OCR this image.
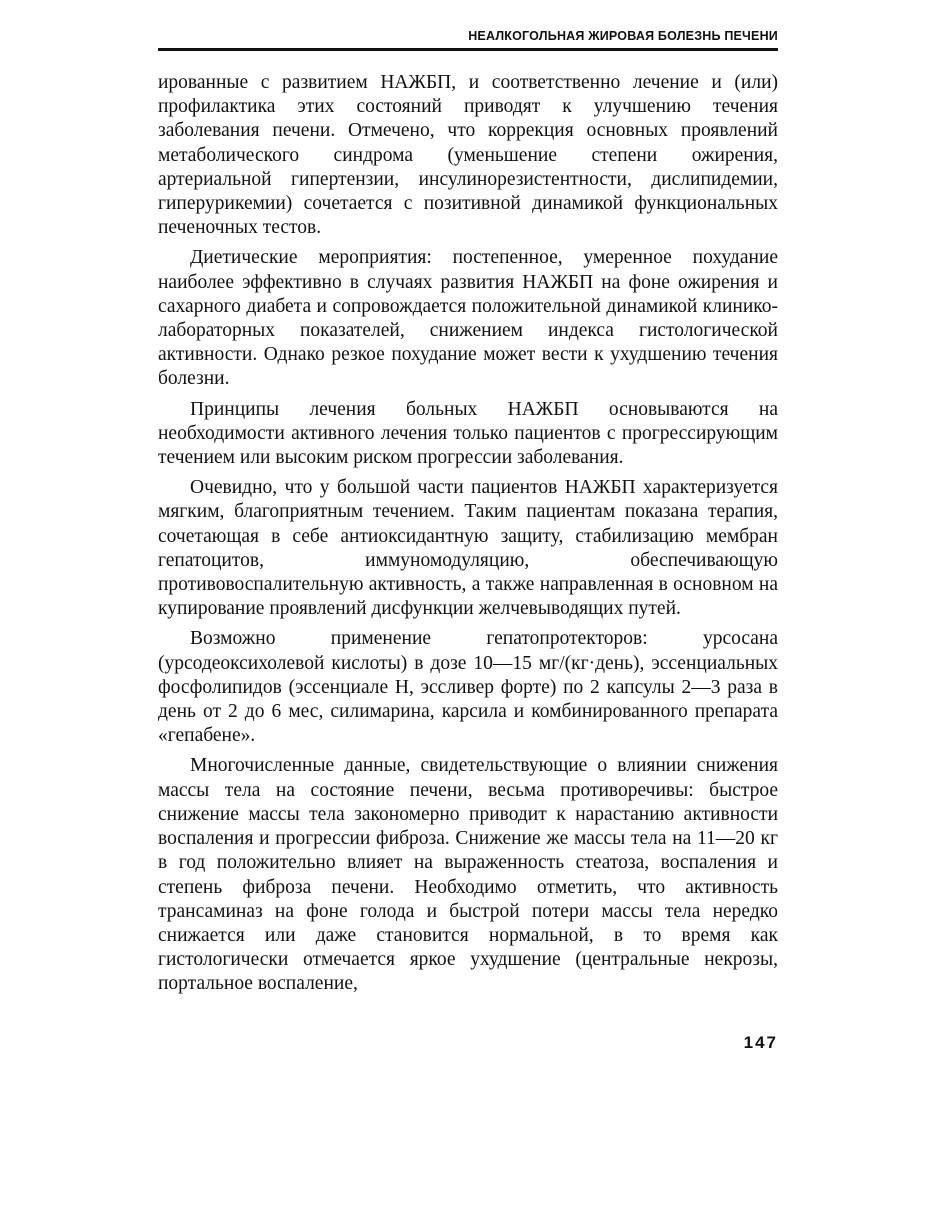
НЕАЛКОГОЛЬНАЯ ЖИРОВАЯ БОЛЕЗНЬ ПЕЧЕНИ

ированные с развитием НАЖБП, и соответственно лечение и (или) профилактика этих состояний приводят к улучшению течения заболевания печени. Отмечено, что коррекция основных проявлений метаболического синдрома (уменьшение степени ожирения, артериальной гипертензии, инсулинорезистентности, дислипидемии, гиперурикемии) сочетается с позитивной динамикой функциональных печеночных тестов.

Диетические мероприятия: постепенное, умеренное похудание наиболее эффективно в случаях развития НАЖБП на фоне ожирения и сахарного диабета и сопровождается положительной динамикой клинико-лабораторных показателей, снижением индекса гистологической активности. Однако резкое похудание может вести к ухудшению течения болезни.

Принципы лечения больных НАЖБП основываются на необходимости активного лечения только пациентов с прогрессирующим течением или высоким риском прогрессии заболевания.

Очевидно, что у большой части пациентов НАЖБП характеризуется мягким, благоприятным течением. Таким пациентам показана терапия, сочетающая в себе антиоксидантную защиту, стабилизацию мембран гепатоцитов, иммуномодуляцию, обеспечивающую противовоспалительную активность, а также направленная в основном на купирование проявлений дисфункции желчевыводящих путей.

Возможно применение гепатопротекторов: урсосана (урсодеоксихолевой кислоты) в дозе 10—15 мг/(кг·день), эссенциальных фосфолипидов (эссенциале Н, эссливер форте) по 2 капсулы 2—3 раза в день от 2 до 6 мес, силимарина, карсила и комбинированного препарата «гепабене».

Многочисленные данные, свидетельствующие о влиянии снижения массы тела на состояние печени, весьма противоречивы: быстрое снижение массы тела закономерно приводит к нарастанию активности воспаления и прогрессии фиброза. Снижение же массы тела на 11—20 кг в год положительно влияет на выраженность стеатоза, воспаления и степень фиброза печени. Необходимо отметить, что активность трансаминаз на фоне голода и быстрой потери массы тела нередко снижается или даже становится нормальной, в то время как гистологически отмечается яркое ухудшение (центральные некрозы, портальное воспаление,

147
